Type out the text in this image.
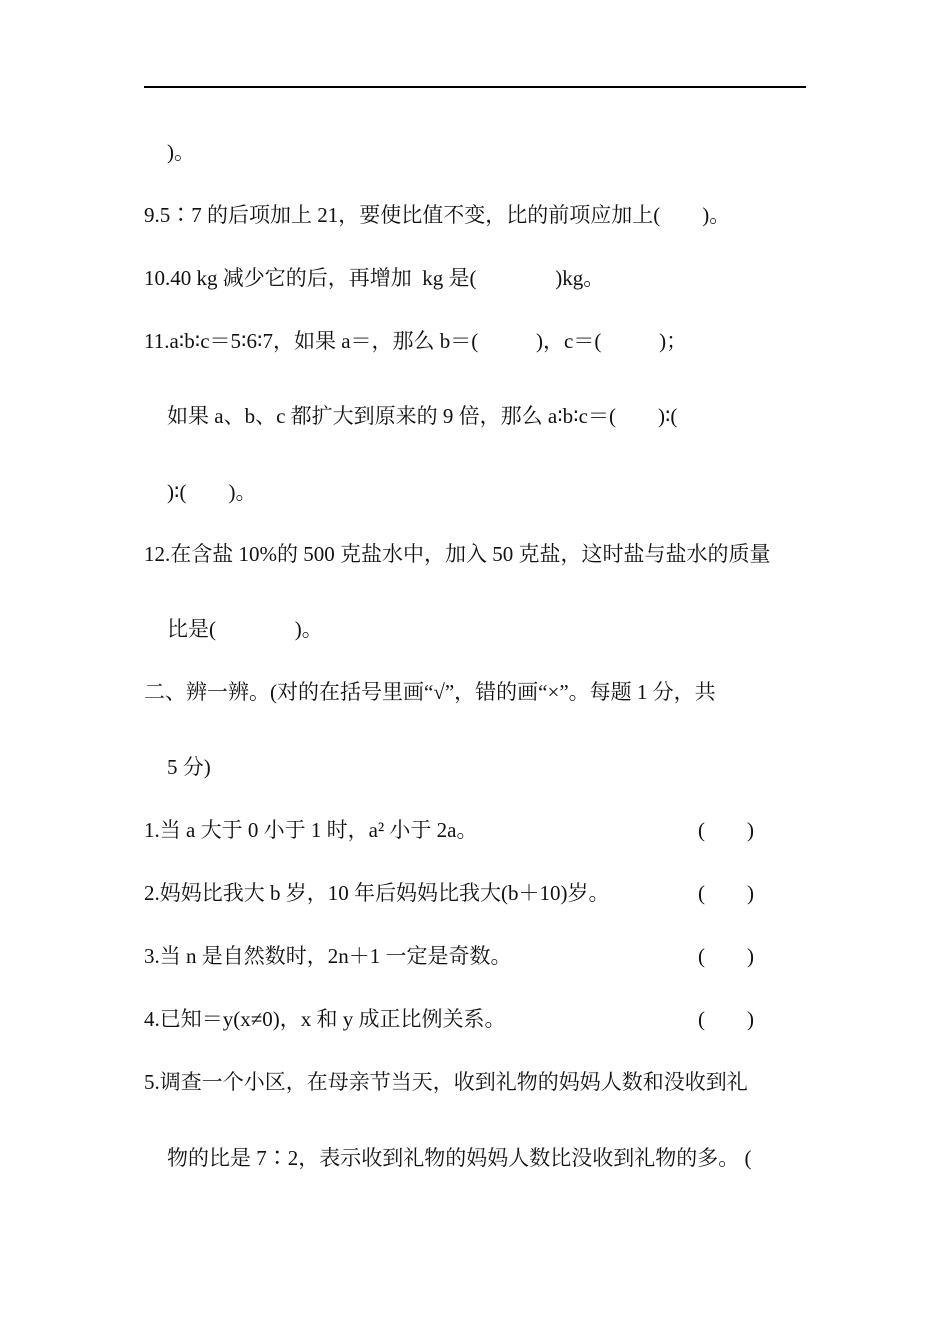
)。
9.5∶7 的后项加上 21，要使比值不变，比的前项应加上(        )。
10.40 kg 减少它的后，再增加  kg 是(               )kg。
11.a∶b∶c＝5∶6∶7，如果 a＝，那么 b＝(           )，c＝(           )；
如果 a、b、c 都扩大到原来的 9 倍，那么 a∶b∶c＝(        )∶(
)∶(        )。
12.在含盐 10%的 500 克盐水中，加入 50 克盐，这时盐与盐水的质量
比是(               )。
二、辨一辨。(对的在括号里画“√”，错的画“×”。每题 1 分，共
5 分)
1.当 a 大于 0 小于 1 时，a² 小于 2a。	(        )
2.妈妈比我大 b 岁，10 年后妈妈比我大(b＋10)岁。	(        )
3.当 n 是自然数时，2n＋1 一定是奇数。	(        )
4.已知＝y(x≠0)，x 和 y 成正比例关系。	(        )
5.调查一个小区，在母亲节当天，收到礼物的妈妈人数和没收到礼
物的比是 7∶2，表示收到礼物的妈妈人数比没收到礼物的多。 (
